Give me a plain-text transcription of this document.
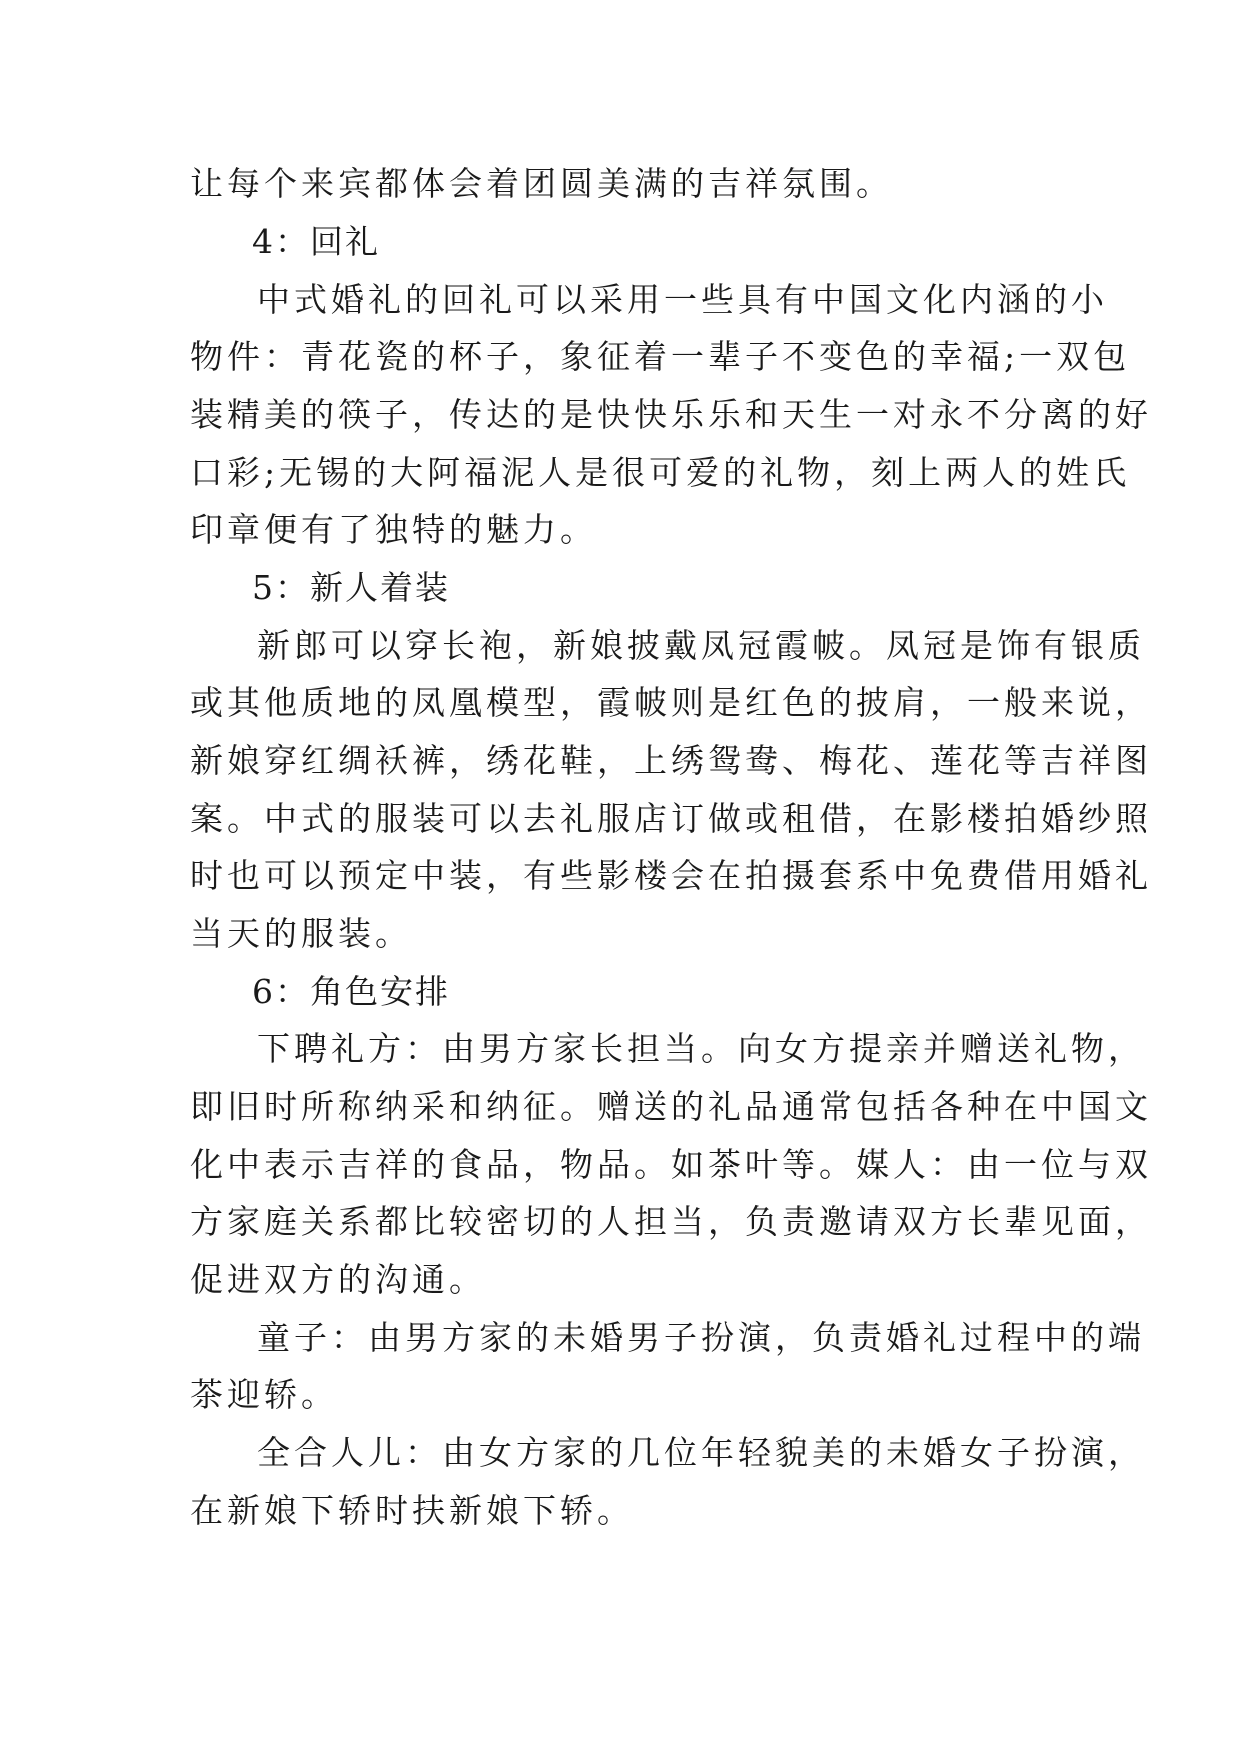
让每个来宾都体会着团圆美满的吉祥氛围。
4：回礼
中式婚礼的回礼可以采用一些具有中国文化内涵的小
物件：青花瓷的杯子，象征着一辈子不变色的幸福;一双包
装精美的筷子，传达的是快快乐乐和天生一对永不分离的好
口彩;无锡的大阿福泥人是很可爱的礼物，刻上两人的姓氏
印章便有了独特的魅力。
5：新人着装
新郎可以穿长袍，新娘披戴凤冠霞帔。凤冠是饰有银质
或其他质地的凤凰模型，霞帔则是红色的披肩，一般来说，
新娘穿红绸袄裤，绣花鞋，上绣鸳鸯、梅花、莲花等吉祥图
案。中式的服装可以去礼服店订做或租借，在影楼拍婚纱照
时也可以预定中装，有些影楼会在拍摄套系中免费借用婚礼
当天的服装。
6：角色安排
下聘礼方：由男方家长担当。向女方提亲并赠送礼物，
即旧时所称纳采和纳征。赠送的礼品通常包括各种在中国文
化中表示吉祥的食品，物品。如茶叶等。媒人：由一位与双
方家庭关系都比较密切的人担当，负责邀请双方长辈见面，
促进双方的沟通。
童子：由男方家的未婚男子扮演，负责婚礼过程中的端
茶迎轿。
全合人儿：由女方家的几位年轻貌美的未婚女子扮演，
在新娘下轿时扶新娘下轿。
